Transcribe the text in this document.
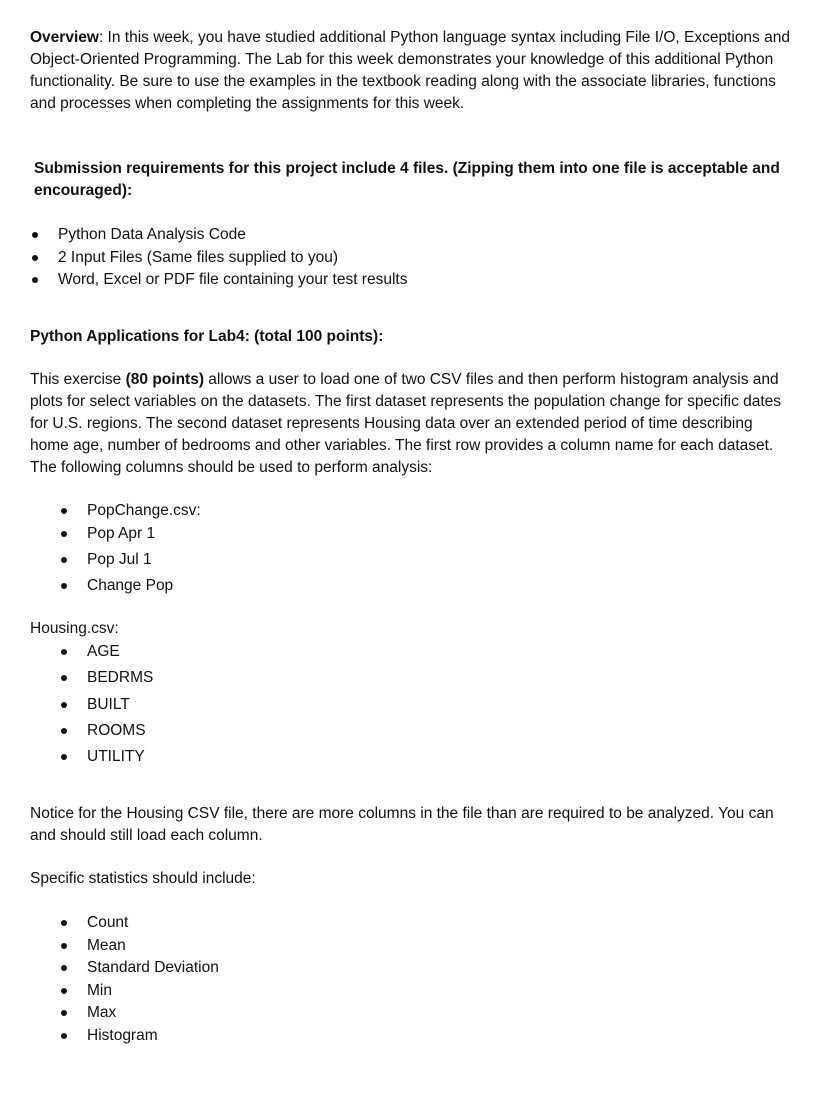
Overview: In this week, you have studied additional Python language syntax including File I/O, Exceptions and Object-Oriented Programming. The Lab for this week demonstrates your knowledge of this additional Python functionality. Be sure to use the examples in the textbook reading along with the associate libraries, functions and processes when completing the assignments for this week.

Submission requirements for this project include 4 files. (Zipping them into one file is acceptable and encouraged):

Python Data Analysis Code
2 Input Files (Same files supplied to you)
Word, Excel or PDF file containing your test results

Python Applications for Lab4: (total 100 points):

This exercise (80 points) allows a user to load one of two CSV files and then perform histogram analysis and plots for select variables on the datasets. The first dataset represents the population change for specific dates for U.S. regions. The second dataset represents Housing data over an extended period of time describing home age, number of bedrooms and other variables. The first row provides a column name for each dataset. The following columns should be used to perform analysis:

PopChange.csv:
Pop Apr 1
Pop Jul 1
Change Pop

Housing.csv:

AGE
BEDRMS
BUILT
ROOMS
UTILITY

Notice for the Housing CSV file, there are more columns in the file than are required to be analyzed. You can and should still load each column.

Specific statistics should include:

Count
Mean
Standard Deviation
Min
Max
Histogram
